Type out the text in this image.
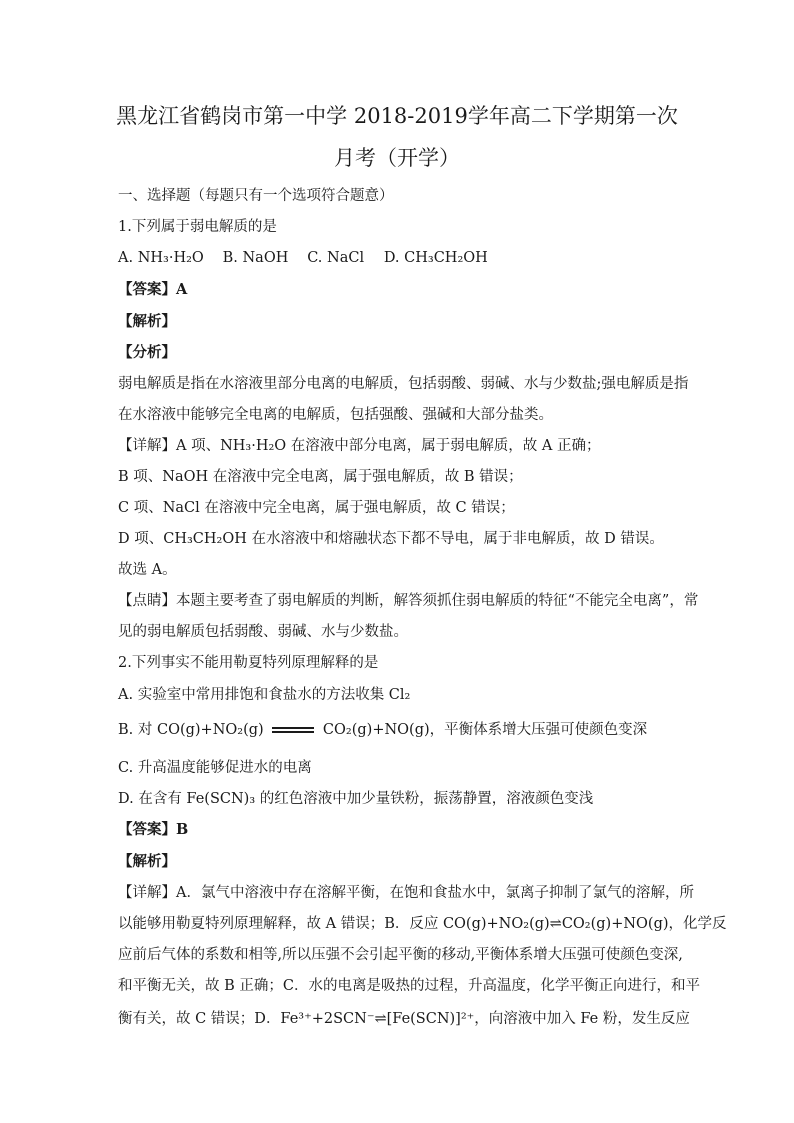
黑龙江省鹤岗市第一中学 2018-2019学年高二下学期第一次
月考（开学）
一、选择题（每题只有一个选项符合题意）
1.下列属于弱电解质的是
A. NH₃·H₂O B. NaOH C. NaCl D. CH₃CH₂OH
【答案】A
【解析】
【分析】
弱电解质是指在水溶液里部分电离的电解质，包括弱酸、弱碱、水与少数盐;强电解质是指
在水溶液中能够完全电离的电解质，包括强酸、强碱和大部分盐类。
【详解】A 项、NH₃·H₂O 在溶液中部分电离，属于弱电解质，故 A 正确；
B 项、NaOH 在溶液中完全电离，属于强电解质，故 B 错误；
C 项、NaCl 在溶液中完全电离，属于强电解质，故 C 错误；
D 项、CH₃CH₂OH 在水溶液中和熔融状态下都不导电，属于非电解质，故 D 错误。
故选 A。
【点睛】本题主要考查了弱电解质的判断，解答须抓住弱电解质的特征“不能完全电离”，常
见的弱电解质包括弱酸、弱碱、水与少数盐。
2.下列事实不能用勒夏特列原理解释的是
A. 实验室中常用排饱和食盐水的方法收集 Cl₂
B. 对 CO(g)+NO₂(g)	CO₂(g)+NO(g)，平衡体系增大压强可使颜色变深
C. 升高温度能够促进水的电离
D. 在含有 Fe(SCN)₃ 的红色溶液中加少量铁粉，振荡静置，溶液颜色变浅
【答案】B
【解析】
【详解】A．氯气中溶液中存在溶解平衡，在饱和食盐水中，氯离子抑制了氯气的溶解，所
以能够用勒夏特列原理解释，故 A 错误；B．反应 CO(g)+NO₂(g)⇌CO₂(g)+NO(g)，化学反
应前后气体的系数和相等,所以压强不会引起平衡的移动,平衡体系增大压强可使颜色变深,
和平衡无关，故 B 正确；C．水的电离是吸热的过程，升高温度，化学平衡正向进行，和平
衡有关，故 C 错误；D．Fe³⁺+2SCN⁻⇌[Fe(SCN)]²⁺，向溶液中加入 Fe 粉，发生反应
